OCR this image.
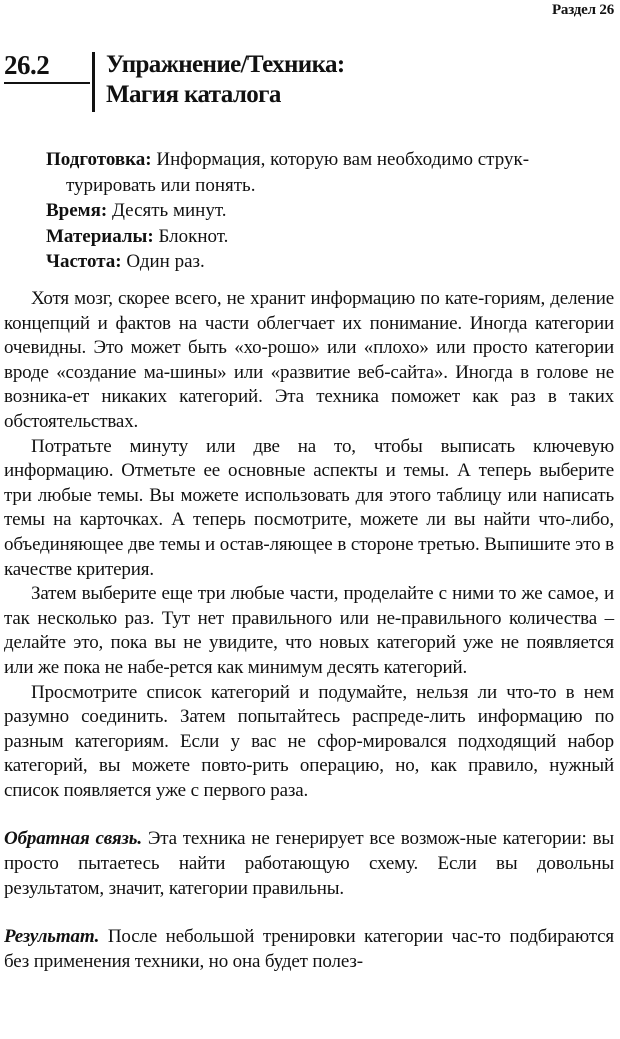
Раздел 26
26.2 Упражнение/Техника:
Магия каталога

Подготовка: Информация, которую вам необходимо струк-

турировать или понять.

Время: Десять минут.

Материалы: Блокнот.

Частота: Один раз.

Хотя мозг, скорее всего, не хранит информацию по кате-гориям, деление концепций и фактов на части облегчает их понимание. Иногда категории очевидны. Это может быть «хо-рошо» или «плохо» или просто категории вроде «создание ма-шины» или «развитие веб-сайта». Иногда в голове не возника-ет никаких категорий. Эта техника поможет как раз в таких обстоятельствах.

Потратьте минуту или две на то, чтобы выписать ключевую информацию. Отметьте ее основные аспекты и темы. А теперь выберите три любые темы. Вы можете использовать для этого таблицу или написать темы на карточках. А теперь посмотрите, можете ли вы найти что-либо, объединяющее две темы и остав-ляющее в стороне третью. Выпишите это в качестве критерия.

Затем выберите еще три любые части, проделайте с ними то же самое, и так несколько раз. Тут нет правильного или не-правильного количества – делайте это, пока вы не увидите, что новых категорий уже не появляется или же пока не набе-рется как минимум десять категорий.

Просмотрите список категорий и подумайте, нельзя ли что-то в нем разумно соединить. Затем попытайтесь распреде-лить информацию по разным категориям. Если у вас не сфор-мировался подходящий набор категорий, вы можете повто-рить операцию, но, как правило, нужный список появляется уже с первого раза.

Обратная связь. Эта техника не генерирует все возмож-ные категории: вы просто пытаетесь найти работающую схему. Если вы довольны результатом, значит, категории правильны.

Результат. После небольшой тренировки категории час-то подбираются без применения техники, но она будет полез-
